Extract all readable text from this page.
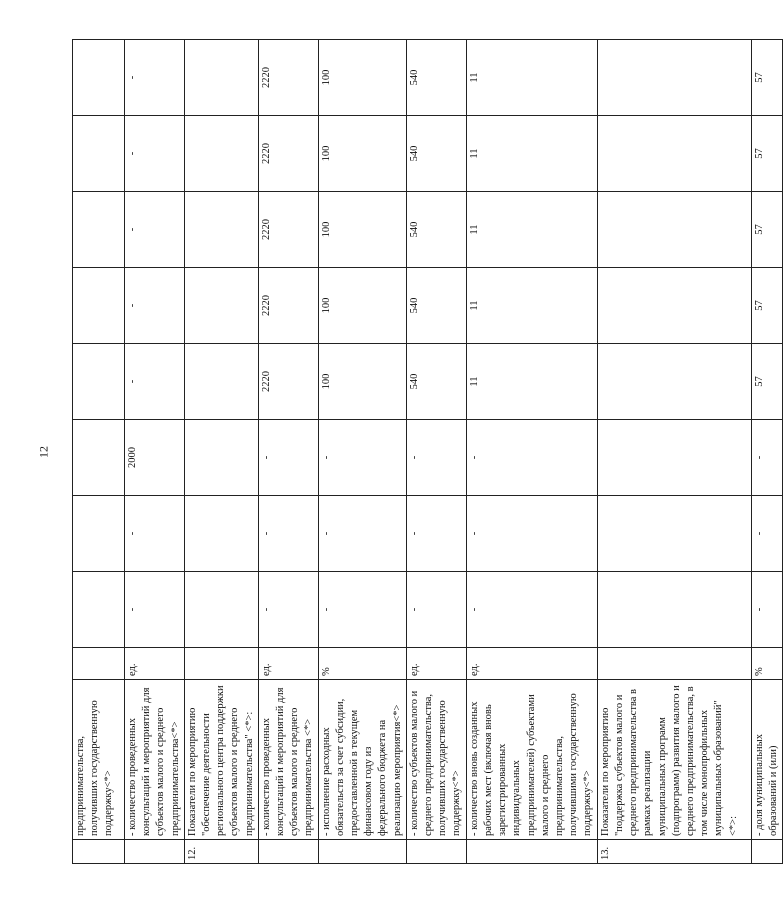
12
	предпринимательства, получивших государственную поддержку<*>									
	- количество проведенных консультаций и мероприятий для субъектов малого и среднего предпринимательства<*>	ед.	-	-	2000	-	-	-	-	-
12.	Показатели по мероприятию "обеспечение деятельности регионального центра поддержки субъектов малого и среднего предпринимательства" <*>:									
	- количество проведенных консультаций и мероприятий для субъектов малого и среднего предпринимательства <*>	ед.	-	-	-	2220	2220	2220	2220	2220
	- исполнение расходных обязательств за счет субсидии, предоставленной в текущем финансовом году из федерального бюджета на реализацию мероприятия<*>	%	-	-	-	100	100	100	100	100
	- количество субъектов малого и среднего предпринимательства, получивших государственную поддержку<*>	ед.	-	-	-	540	540	540	540	540
	- количество вновь созданных рабочих мест (включая вновь зарегистрированных индивидуальных предпринимателей) субъектами малого и среднего предпринимательства, получившими государственную поддержку<*>	ед.	-	-	-	11	11	11	11	11
13.	Показатели по мероприятию "поддержка субъектов малого и среднего предпринимательства в рамках реализации муниципальных программ (подпрограмм) развития малого и среднего предпринимательства, в том числе монопрофильных муниципальных образований" <*>:									
	- доля муниципальных образований и (или)	%	-	-	-	57	57	57	57	57
